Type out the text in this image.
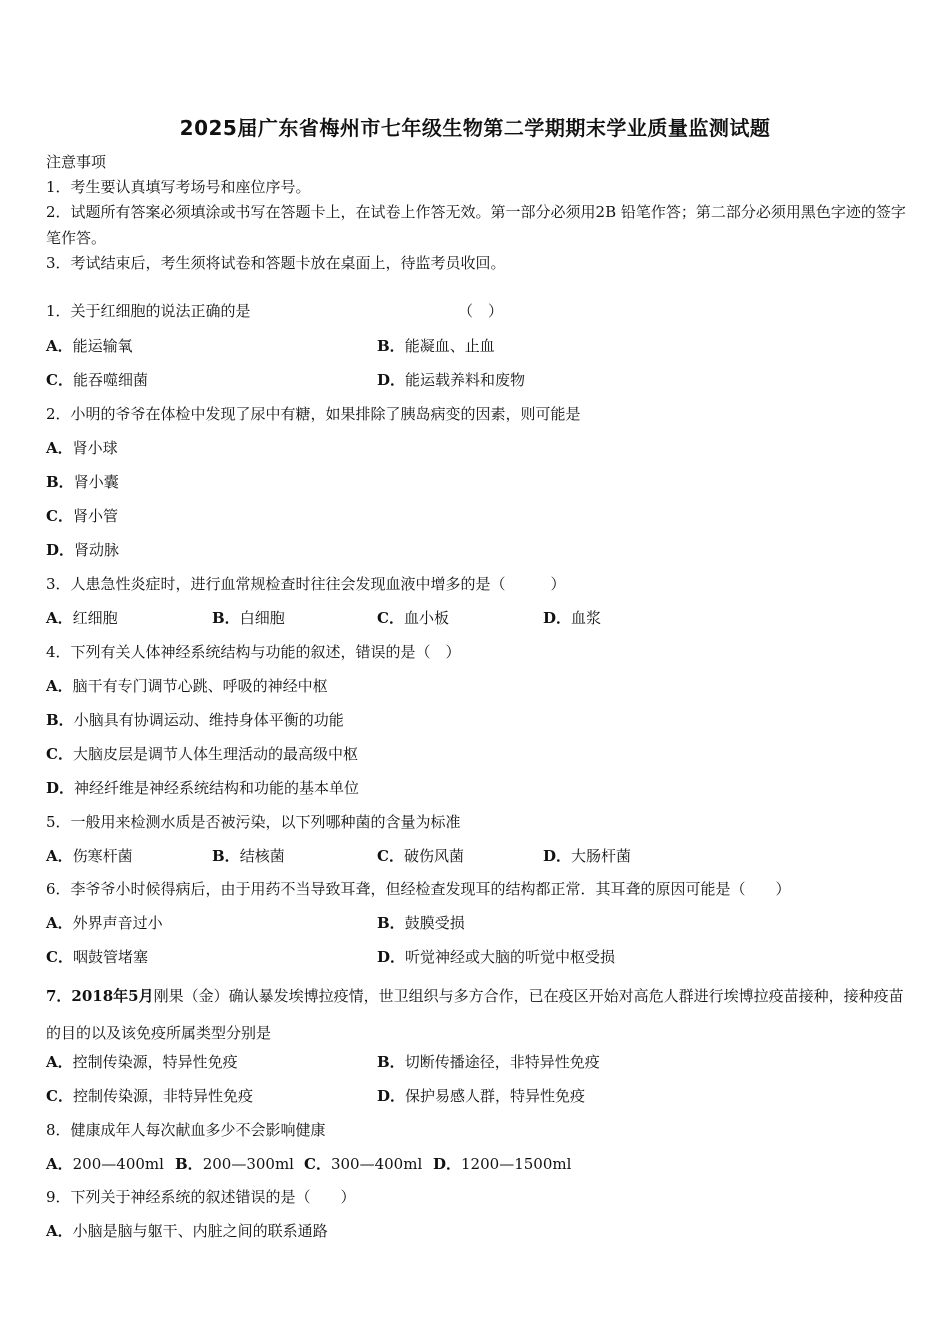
2025届广东省梅州市七年级生物第二学期期末学业质量监测试题
注意事项
1．考生要认真填写考场号和座位序号。
2．试题所有答案必须填涂或书写在答题卡上，在试卷上作答无效。第一部分必须用2B 铅笔作答；第二部分必须用黑色字迹的签字笔作答。
3．考试结束后，考生须将试卷和答题卡放在桌面上，待监考员收回。
1．关于红细胞的说法正确的是	（　）
A．能运输氧	B．能凝血、止血
C．能吞噬细菌	D．能运载养料和废物
2．小明的爷爷在体检中发现了尿中有糖，如果排除了胰岛病变的因素，则可能是
A．肾小球
B．肾小囊
C．肾小管
D．肾动脉
3．人患急性炎症时，进行血常规检查时往往会发现血液中增多的是（　　　）
A．红细胞	B．白细胞	C．血小板	D．血浆
4．下列有关人体神经系统结构与功能的叙述，错误的是（　）
A．脑干有专门调节心跳、呼吸的神经中枢
B．小脑具有协调运动、维持身体平衡的功能
C．大脑皮层是调节人体生理活动的最高级中枢
D．神经纤维是神经系统结构和功能的基本单位
5．一般用来检测水质是否被污染，以下列哪种菌的含量为标准
A．伤寒杆菌	B．结核菌	C．破伤风菌	D．大肠杆菌
6．李爷爷小时候得病后，由于用药不当导致耳聋，但经检查发现耳的结构都正常．其耳聋的原因可能是（　　）
A．外界声音过小	B．鼓膜受损
C．咽鼓管堵塞	D．听觉神经或大脑的听觉中枢受损
7．2018年5月刚果（金）确认暴发埃博拉疫情，世卫组织与多方合作，已在疫区开始对高危人群进行埃博拉疫苗接种，接种疫苗的目的以及该免疫所属类型分别是
A．控制传染源，特异性免疫	B．切断传播途径，非特异性免疫
C．控制传染源，非特异性免疫	D．保护易感人群，特异性免疫
8．健康成年人每次献血多少不会影响健康
A．200—400ml B．200—300ml C．300—400ml D．1200—1500ml
9．下列关于神经系统的叙述错误的是（　　）
A．小脑是脑与躯干、内脏之间的联系通路
